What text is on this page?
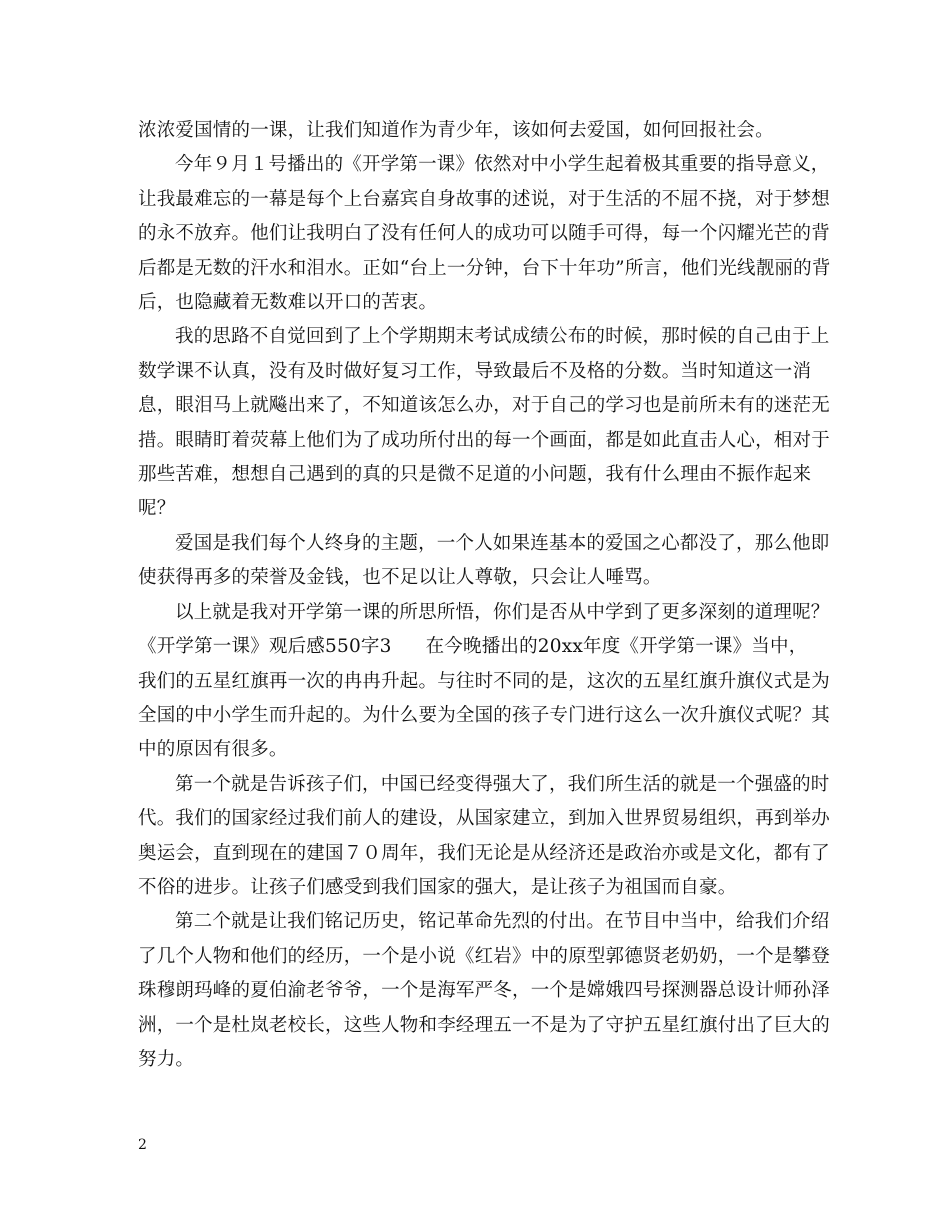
浓浓爱国情的一课，让我们知道作为青少年，该如何去爱国，如何回报社会。

今年９月１号播出的《开学第一课》依然对中小学生起着极其重要的指导意义，让我最难忘的一幕是每个上台嘉宾自身故事的述说，对于生活的不屈不挠，对于梦想的永不放弃。他们让我明白了没有任何人的成功可以随手可得，每一个闪耀光芒的背后都是无数的汗水和泪水。正如“台上一分钟，台下十年功”所言，他们光线靓丽的背后，也隐藏着无数难以开口的苦衷。

我的思路不自觉回到了上个学期期末考试成绩公布的时候，那时候的自己由于上数学课不认真，没有及时做好复习工作，导致最后不及格的分数。当时知道这一消息，眼泪马上就飚出来了，不知道该怎么办，对于自己的学习也是前所未有的迷茫无措。眼睛盯着荧幕上他们为了成功所付出的每一个画面，都是如此直击人心，相对于那些苦难，想想自己遇到的真的只是微不足道的小问题，我有什么理由不振作起来呢？

爱国是我们每个人终身的主题，一个人如果连基本的爱国之心都没了，那么他即使获得再多的荣誉及金钱，也不足以让人尊敬，只会让人唾骂。

以上就是我对开学第一课的所思所悟，你们是否从中学到了更多深刻的道理呢？

《开学第一课》观后感550字3 在今晚播出的20xx年度《开学第一课》当中，

我们的五星红旗再一次的冉冉升起。与往时不同的是，这次的五星红旗升旗仪式是为全国的中小学生而升起的。为什么要为全国的孩子专门进行这么一次升旗仪式呢？其中的原因有很多。

第一个就是告诉孩子们，中国已经变得强大了，我们所生活的就是一个强盛的时代。我们的国家经过我们前人的建设，从国家建立，到加入世界贸易组织，再到举办奥运会，直到现在的建国７０周年，我们无论是从经济还是政治亦或是文化，都有了不俗的进步。让孩子们感受到我们国家的强大，是让孩子为祖国而自豪。

第二个就是让我们铭记历史，铭记革命先烈的付出。在节目中当中，给我们介绍了几个人物和他们的经历，一个是小说《红岩》中的原型郭德贤老奶奶，一个是攀登珠穆朗玛峰的夏伯渝老爷爷，一个是海军严冬，一个是嫦娥四号探测器总设计师孙泽洲，一个是杜岚老校长，这些人物和李经理五一不是为了守护五星红旗付出了巨大的努力。

2
